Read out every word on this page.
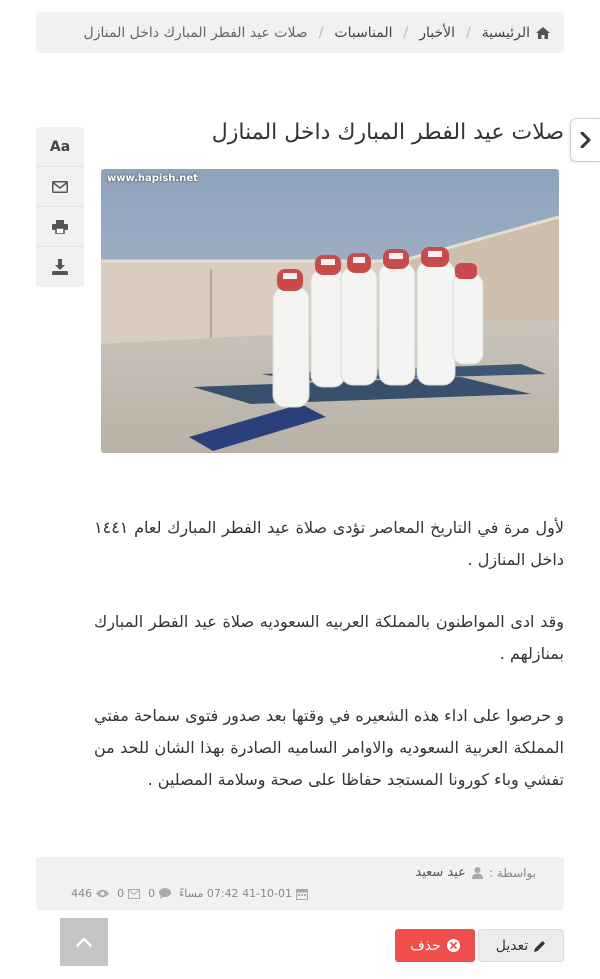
الرئيسية
/
الأخبار
/
المناسبات
/
صلات عيد الفطر المبارك داخل المنازل
صلات عيد الفطر المبارك داخل المنازل
Aa
www.hapish.net

لأول مرة في التاريخ المعاصر تؤدى صلاة عيد الفطر المبارك لعام ١٤٤١ داخل المنازل .

وقد ادى المواطنون بالمملكة العربيه السعوديه صلاة عيد الفطر المبارك بمنازلهم .

و حرصوا على اداء هذه الشعيره في وقتها بعد صدور فتوى سماحة مفتي المملكة العربية السعوديه والاوامر الساميه الصادرة بهذا الشان للحد من تفشي وباء كورونا المستجد حفاظا على صحة وسلامة المصلين .

بواسطة :
عيد سعيد
41-10-01 07:42 مساءً
0
0
446
تعديل
حذف
